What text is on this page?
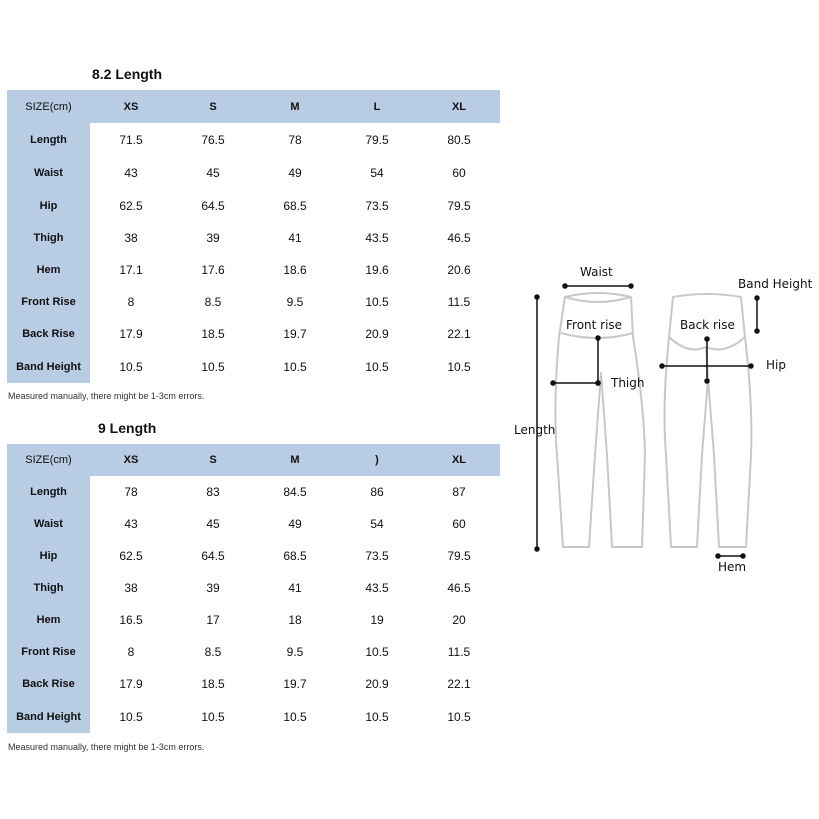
8.2 Length
SIZE(cm)	XS	S	M	L	XL
Length	71.5	76.5	78	79.5	80.5
Waist	43	45	49	54	60
Hip	62.5	64.5	68.5	73.5	79.5
Thigh	38	39	41	43.5	46.5
Hem	17.1	17.6	18.6	19.6	20.6
Front Rise	8	8.5	9.5	10.5	11.5
Back Rise	17.9	18.5	19.7	20.9	22.1
Band Height	10.5	10.5	10.5	10.5	10.5
Measured manually, there might be 1-3cm errors.
9 Length
SIZE(cm)	XS	S	M	)	XL
Length	78	83	84.5	86	87
Waist	43	45	49	54	60
Hip	62.5	64.5	68.5	73.5	79.5
Thigh	38	39	41	43.5	46.5
Hem	16.5	17	18	19	20
Front Rise	8	8.5	9.5	10.5	11.5
Back Rise	17.9	18.5	19.7	20.9	22.1
Band Height	10.5	10.5	10.5	10.5	10.5
Measured manually, there might be 1-3cm errors.
Waist
Band Height
Front rise
Thigh
Back rise
Hip
Length
Hem
